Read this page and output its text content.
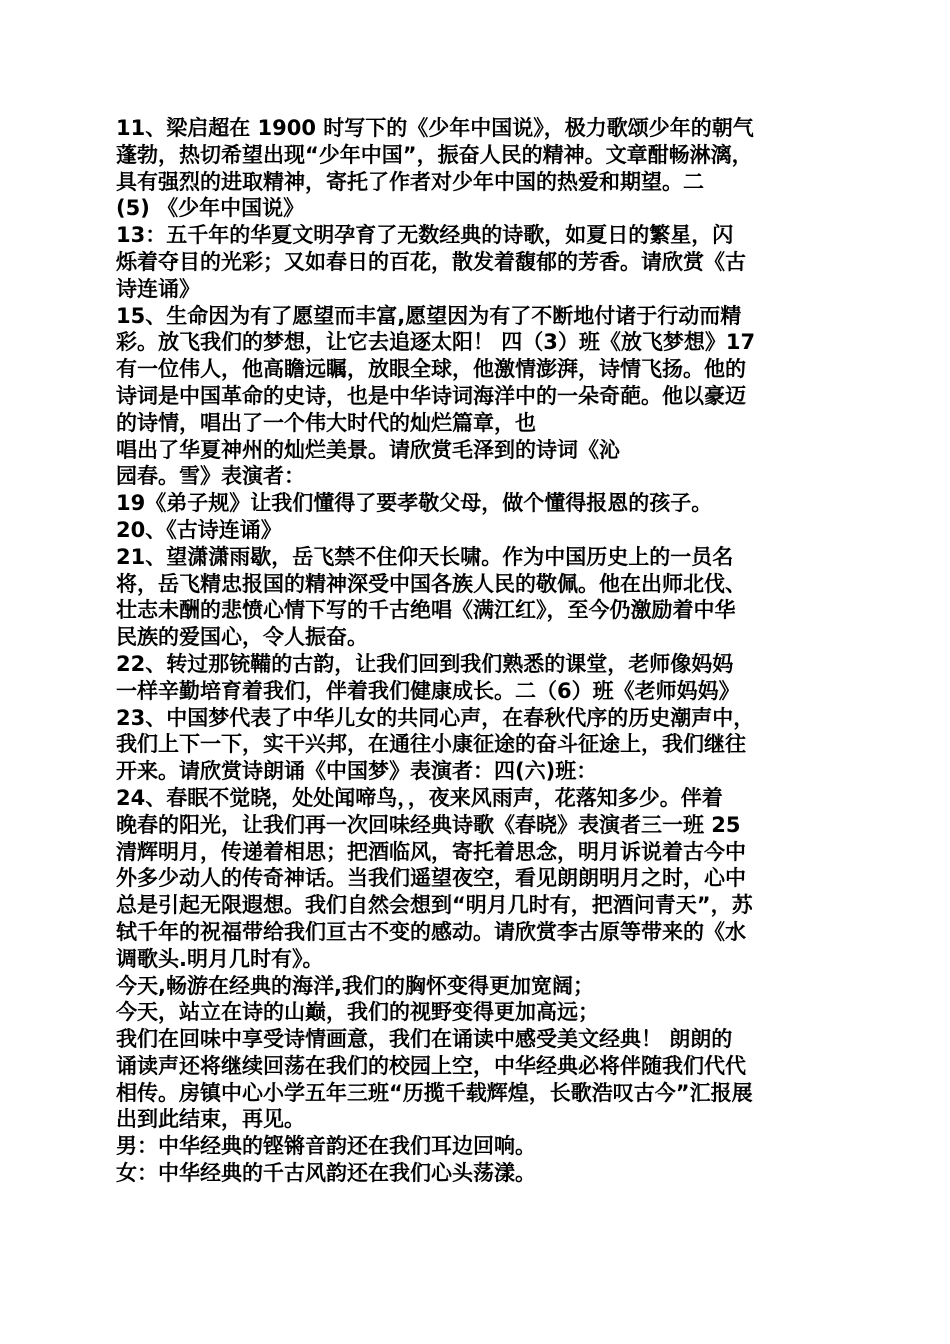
11、梁启超在 1900 时写下的《少年中国说》，极力歌颂少年的朝气
蓬勃，热切希望出现“少年中国”，振奋人民的精神。文章酣畅淋漓，
具有强烈的进取精神，寄托了作者对少年中国的热爱和期望。二
(5) 《少年中国说》
13：五千年的华夏文明孕育了无数经典的诗歌，如夏日的繁星，闪
烁着夺目的光彩；又如春日的百花，散发着馥郁的芳香。请欣赏《古
诗连诵》
15、生命因为有了愿望而丰富,愿望因为有了不断地付诸于行动而精
彩。放飞我们的梦想，让它去追逐太阳！ 四（3）班《放飞梦想》17
有一位伟人，他高瞻远瞩，放眼全球，他激情澎湃，诗情飞扬。他的
诗词是中国革命的史诗，也是中华诗词海洋中的一朵奇葩。他以豪迈
的诗情，唱出了一个伟大时代的灿烂篇章，也
唱出了华夏神州的灿烂美景。请欣赏毛泽到的诗词《沁
园春。雪》表演者：
19《弟子规》让我们懂得了要孝敬父母，做个懂得报恩的孩子。
20、《古诗连诵》
21、望潇潇雨歇，岳飞禁不住仰天长啸。作为中国历史上的一员名
将，岳飞精忠报国的精神深受中国各族人民的敬佩。他在出师北伐、
壮志未酬的悲愤心情下写的千古绝唱《满江红》，至今仍激励着中华
民族的爱国心，令人振奋。
22、转过那铳鞴的古韵，让我们回到我们熟悉的课堂，老师像妈妈
一样辛勤培育着我们，伴着我们健康成长。二（6）班《老师妈妈》
23、中国梦代表了中华儿女的共同心声，在春秋代序的历史潮声中，
我们上下一下，实干兴邦，在通往小康征途的奋斗征途上，我们继往
开来。请欣赏诗朗诵《中国梦》表演者：四(六)班：
24、春眠不觉晓，处处闻啼鸟，，夜来风雨声，花落知多少。伴着
晚春的阳光，让我们再一次回味经典诗歌《春晓》表演者三一班 25
清辉明月，传递着相思；把酒临风，寄托着思念，明月诉说着古今中
外多少动人的传奇神话。当我们遥望夜空，看见朗朗明月之时，心中
总是引起无限遐想。我们自然会想到“明月几时有，把酒问青天”，苏
轼千年的祝福带给我们亘古不变的感动。请欣赏李古原等带来的《水
调歌头.明月几时有》。
今天,畅游在经典的海洋,我们的胸怀变得更加宽阔；
今天，站立在诗的山巅，我们的视野变得更加高远；
我们在回味中享受诗情画意，我们在诵读中感受美文经典！ 朗朗的
诵读声还将继续回荡在我们的校园上空，中华经典必将伴随我们代代
相传。房镇中心小学五年三班“历揽千载辉煌，长歌浩叹古今”汇报展
出到此结束，再见。
男：中华经典的铿锵音韵还在我们耳边回响。
女：中华经典的千古风韵还在我们心头荡漾。
